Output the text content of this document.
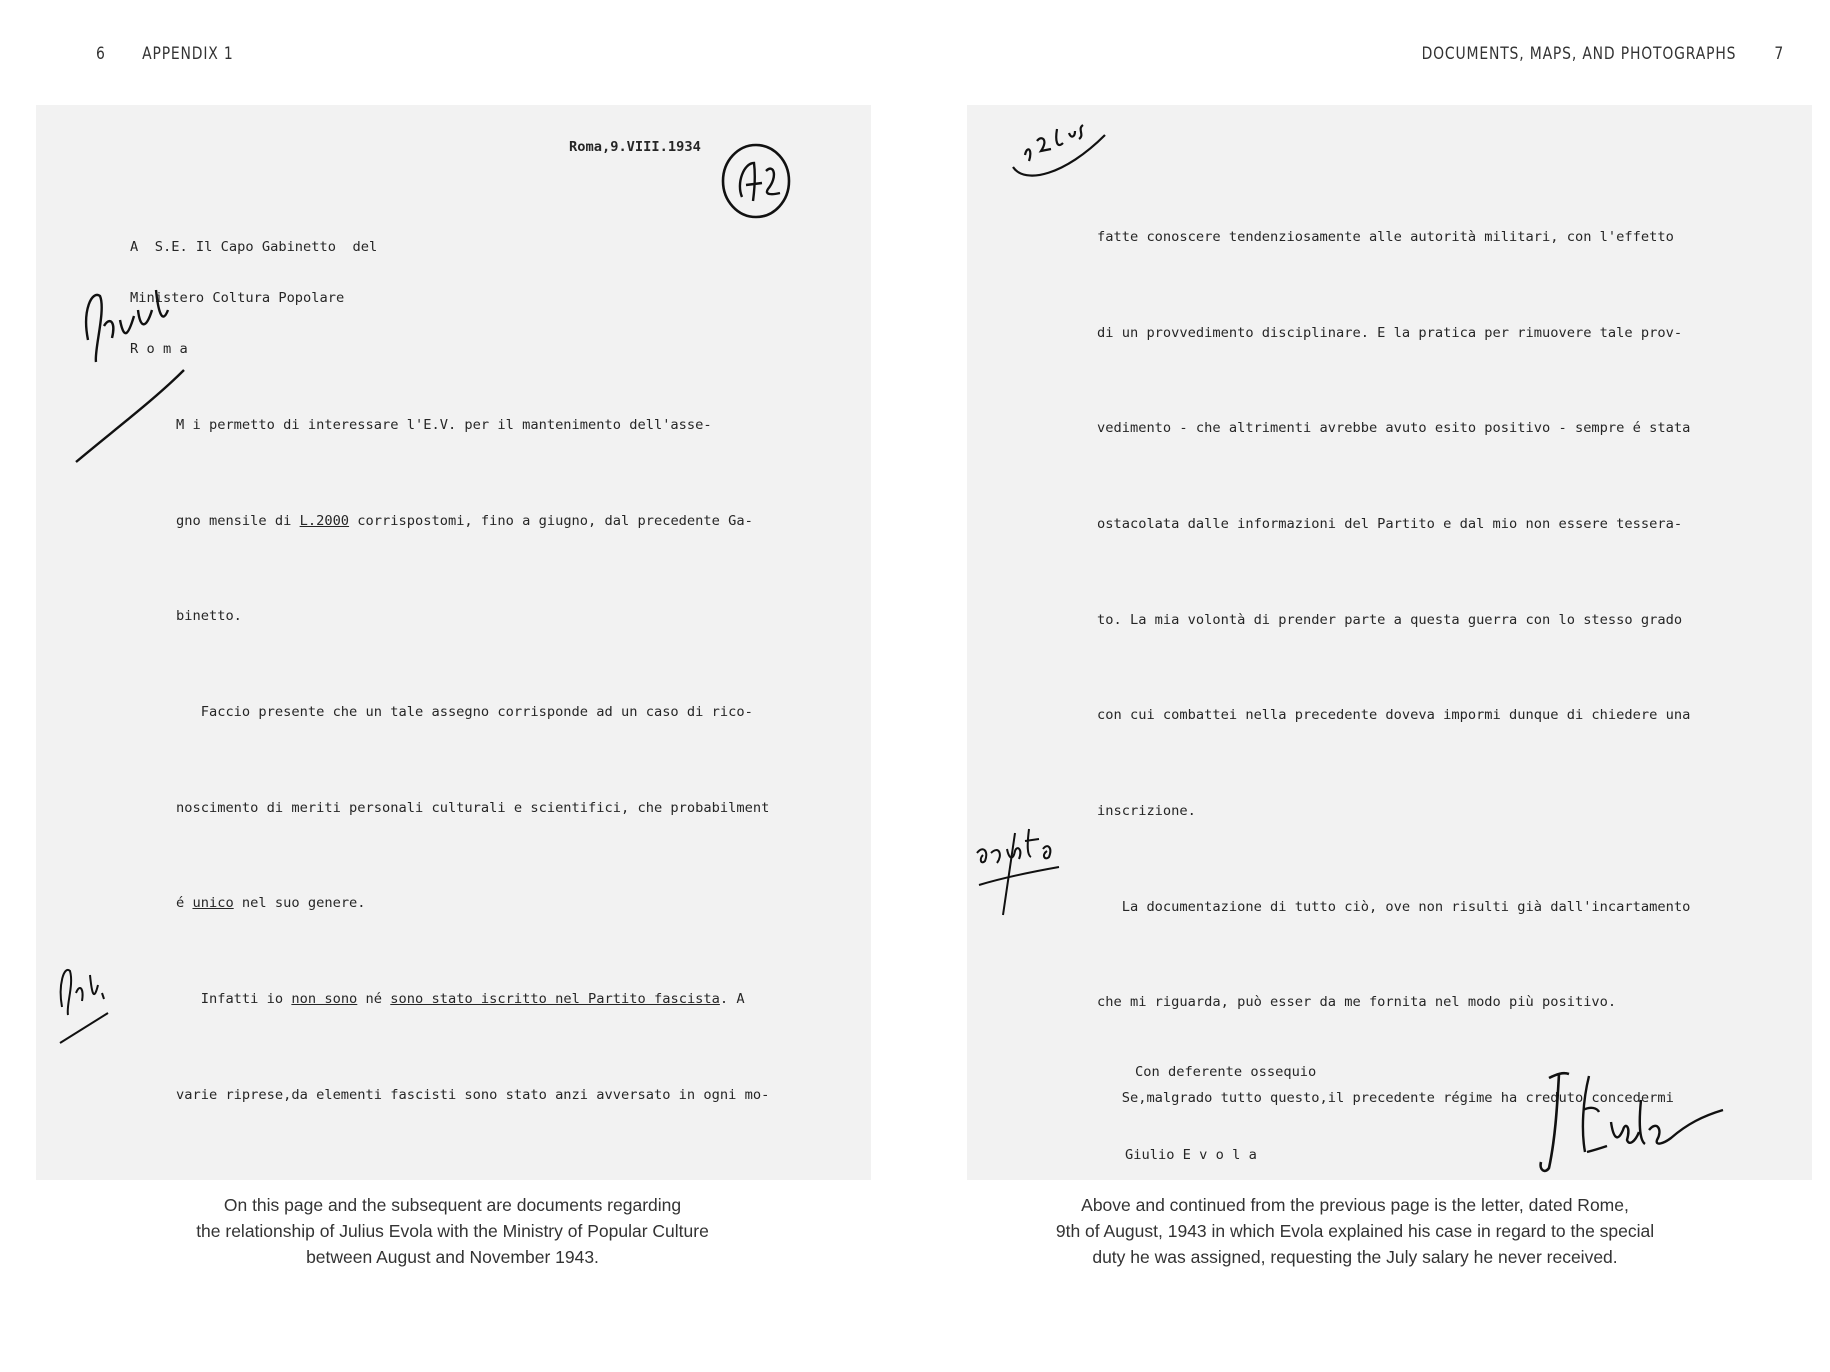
6 APPENDIX 1
Roma,9.VIII.1934

A  S.E. Il Capo Gabinetto  del

Ministero Coltura Popolare

R o m a

M i permetto di interessare l'E.V. per il mantenimento dell'asse-

gno mensile di L.2000 corrispostomi, fino a giugno, dal precedente Ga-

binetto.

Faccio presente che un tale assegno corrisponde ad un caso di rico-

noscimento di meriti personali culturali e scientifici, che probabilment

é unico nel suo genere.

Infatti io non sono né sono stato iscritto nel Partito fascista. A

varie riprese,da elementi fascisti sono stato anzi avversato in ogni mo-

On this page and the subsequent are documents regarding
the relationship of Julius Evola with the Ministry of Popular Culture
between August and November 1943.
DOCUMENTS, MAPS, AND PHOTOGRAPHS 7

fatte conoscere tendenziosamente alle autorità militari, con l'effetto

di un provvedimento disciplinare. E la pratica per rimuovere tale prov-

vedimento - che altrimenti avrebbe avuto esito positivo - sempre é stata

ostacolata dalle informazioni del Partito e dal mio non essere tessera-

to. La mia volontà di prender parte a questa guerra con lo stesso grado

con cui combattei nella precedente doveva impormi dunque di chiedere una

inscrizione.

La documentazione di tutto ciò, ove non risulti già dall'incartamento

che mi riguarda, può esser da me fornita nel modo più positivo.

Se,malgrado tutto questo,il precedente régime ha creduto concedermi

Con deferente ossequio

Giulio E v o l a

Above and continued from the previous page is the letter, dated Rome,
9th of August, 1943 in which Evola explained his case in regard to the special
duty he was assigned, requesting the July salary he never received.
